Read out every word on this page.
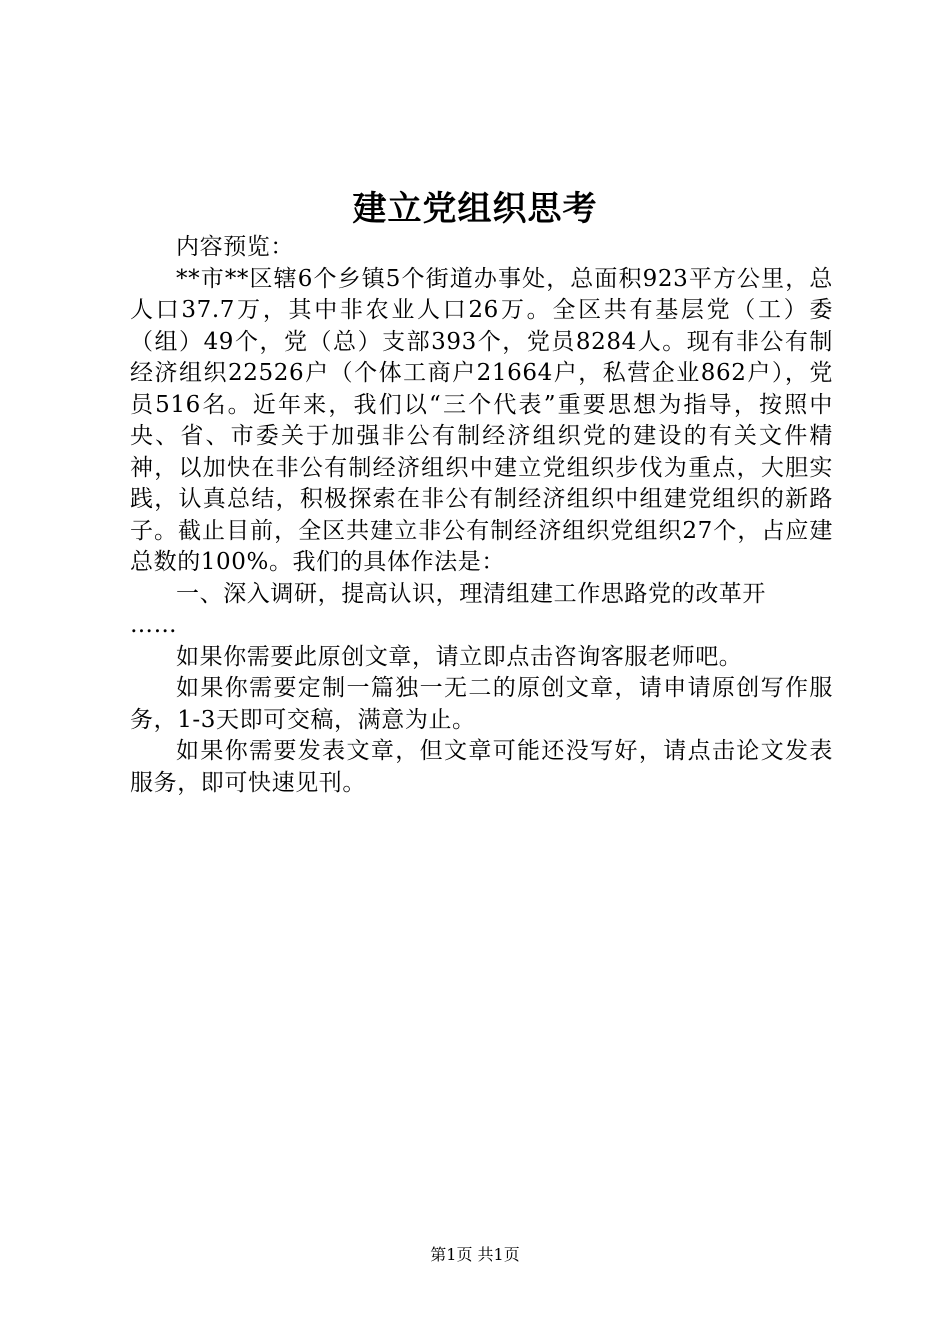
建立党组织思考

内容预览：

**市**区辖6个乡镇5个街道办事处，总面积923平方公里，总人口37.7万，其中非农业人口26万。全区共有基层党（工）委（组）49个，党（总）支部393个，党员8284人。现有非公有制经济组织22526户（个体工商户21664户，私营企业862户），党员516名。近年来，我们以“三个代表”重要思想为指导，按照中央、省、市委关于加强非公有制经济组织党的建设的有关文件精神，以加快在非公有制经济组织中建立党组织步伐为重点，大胆实践，认真总结，积极探索在非公有制经济组织中组建党组织的新路子。截止目前，全区共建立非公有制经济组织党组织27个，占应建总数的100%。我们的具体作法是：

一、深入调研，提高认识，理清组建工作思路党的改革开

……

如果你需要此原创文章，请立即点击咨询客服老师吧。

如果你需要定制一篇独一无二的原创文章，请申请原创写作服务，1-3天即可交稿，满意为止。

如果你需要发表文章，但文章可能还没写好，请点击论文发表服务，即可快速见刊。

第1页 共1页
